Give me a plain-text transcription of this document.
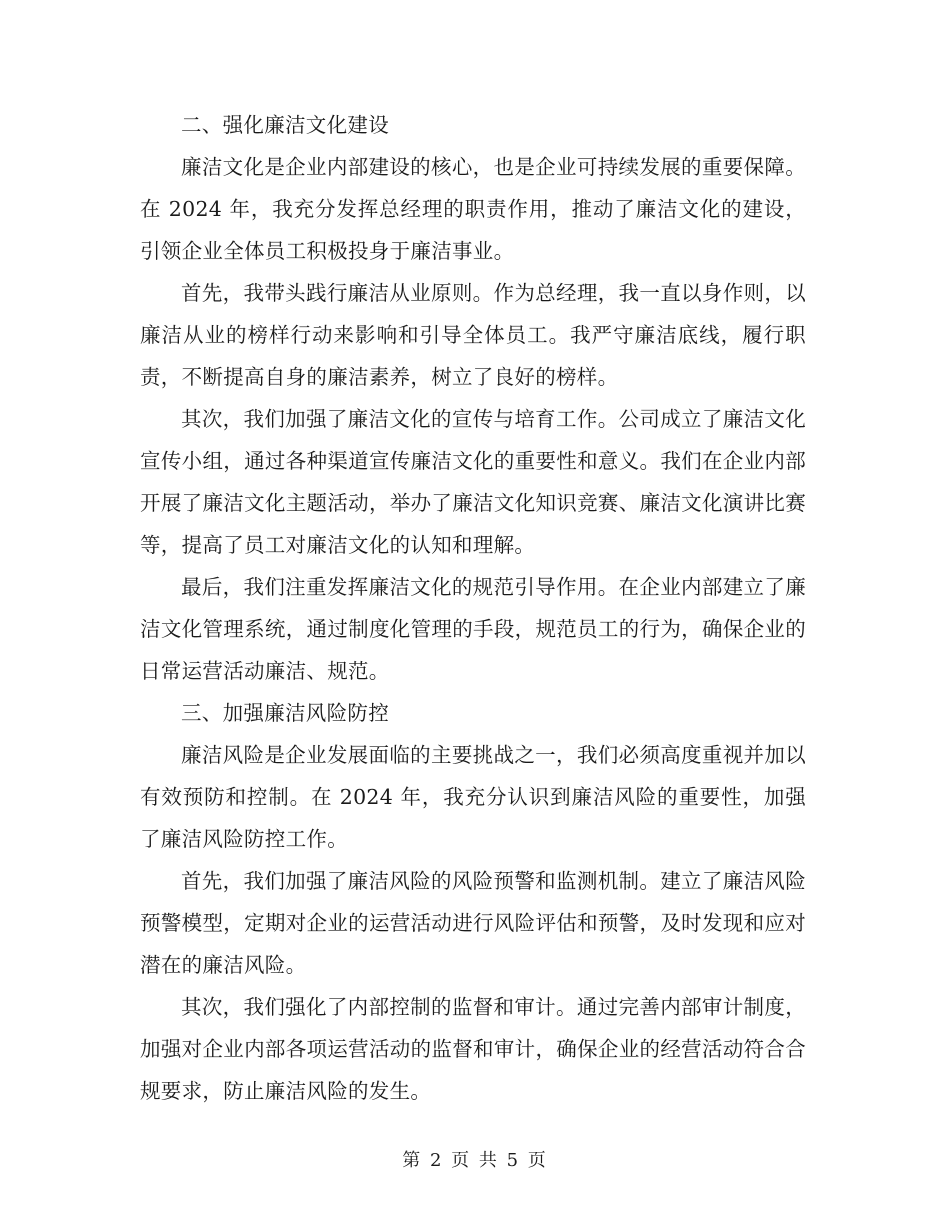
二、强化廉洁文化建设

廉洁文化是企业内部建设的核心，也是企业可持续发展的重要保障。在 2024 年，我充分发挥总经理的职责作用，推动了廉洁文化的建设，引领企业全体员工积极投身于廉洁事业。

首先，我带头践行廉洁从业原则。作为总经理，我一直以身作则，以廉洁从业的榜样行动来影响和引导全体员工。我严守廉洁底线，履行职责，不断提高自身的廉洁素养，树立了良好的榜样。

其次，我们加强了廉洁文化的宣传与培育工作。公司成立了廉洁文化宣传小组，通过各种渠道宣传廉洁文化的重要性和意义。我们在企业内部开展了廉洁文化主题活动，举办了廉洁文化知识竞赛、廉洁文化演讲比赛等，提高了员工对廉洁文化的认知和理解。

最后，我们注重发挥廉洁文化的规范引导作用。在企业内部建立了廉洁文化管理系统，通过制度化管理的手段，规范员工的行为，确保企业的日常运营活动廉洁、规范。

三、加强廉洁风险防控

廉洁风险是企业发展面临的主要挑战之一，我们必须高度重视并加以有效预防和控制。在 2024 年，我充分认识到廉洁风险的重要性，加强了廉洁风险防控工作。

首先，我们加强了廉洁风险的风险预警和监测机制。建立了廉洁风险预警模型，定期对企业的运营活动进行风险评估和预警，及时发现和应对潜在的廉洁风险。

其次，我们强化了内部控制的监督和审计。通过完善内部审计制度，加强对企业内部各项运营活动的监督和审计，确保企业的经营活动符合合规要求，防止廉洁风险的发生。

第 2 页 共 5 页
